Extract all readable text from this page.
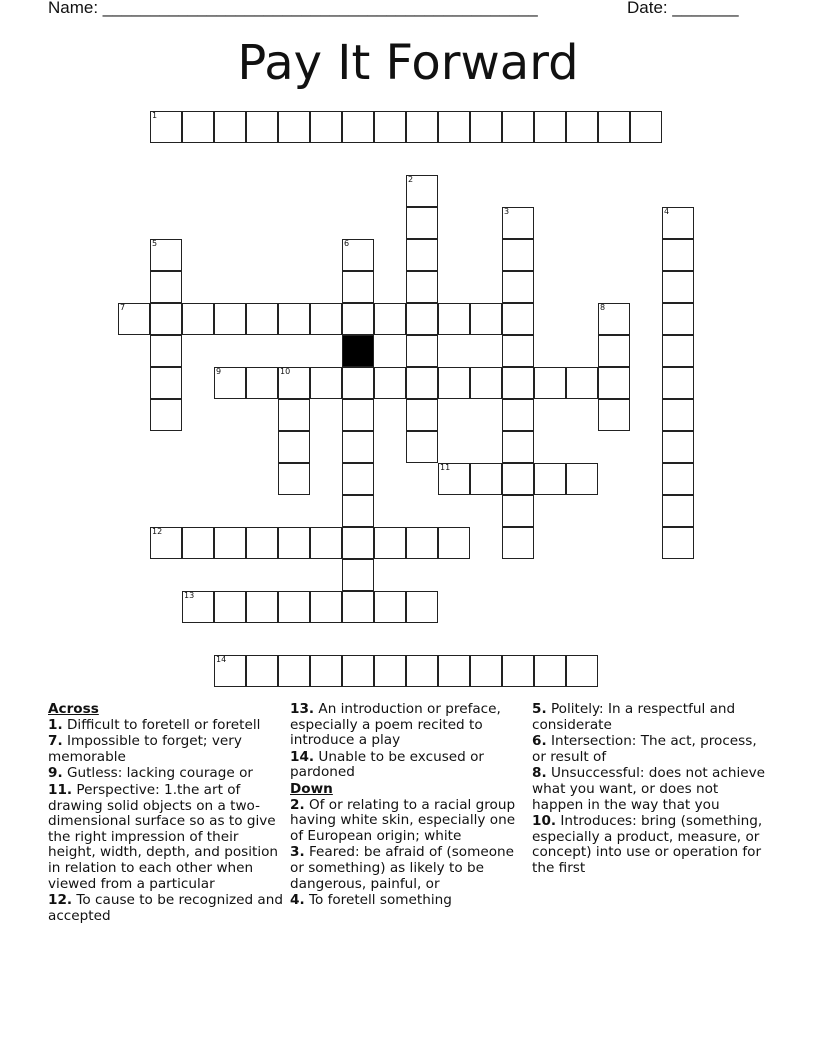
Name: ______________________________________________	Date: _______
Pay It Forward
1
2
3	4
5	6
7	8
9	10
11
12
13
14

Across

1. Difficult to foretell or foretell

7. Impossible to forget; very memorable

9. Gutless: lacking courage or

11. Perspective: 1.the art of drawing solid objects on a two-dimensional surface so as to give the right impression of their height, width, depth, and position in relation to each other when viewed from a particular

12. To cause to be recognized and accepted

13. An introduction or preface, especially a poem recited to introduce a play

14. Unable to be excused or pardoned

Down

2. Of or relating to a racial group having white skin, especially one of European origin; white

3. Feared: be afraid of (someone or something) as likely to be dangerous, painful, or

4. To foretell something

5. Politely: In a respectful and considerate

6. Intersection: The act, process, or result of

8. Unsuccessful: does not achieve what you want, or does not happen in the way that you

10. Introduces: bring (something, especially a product, measure, or concept) into use or operation for the first
